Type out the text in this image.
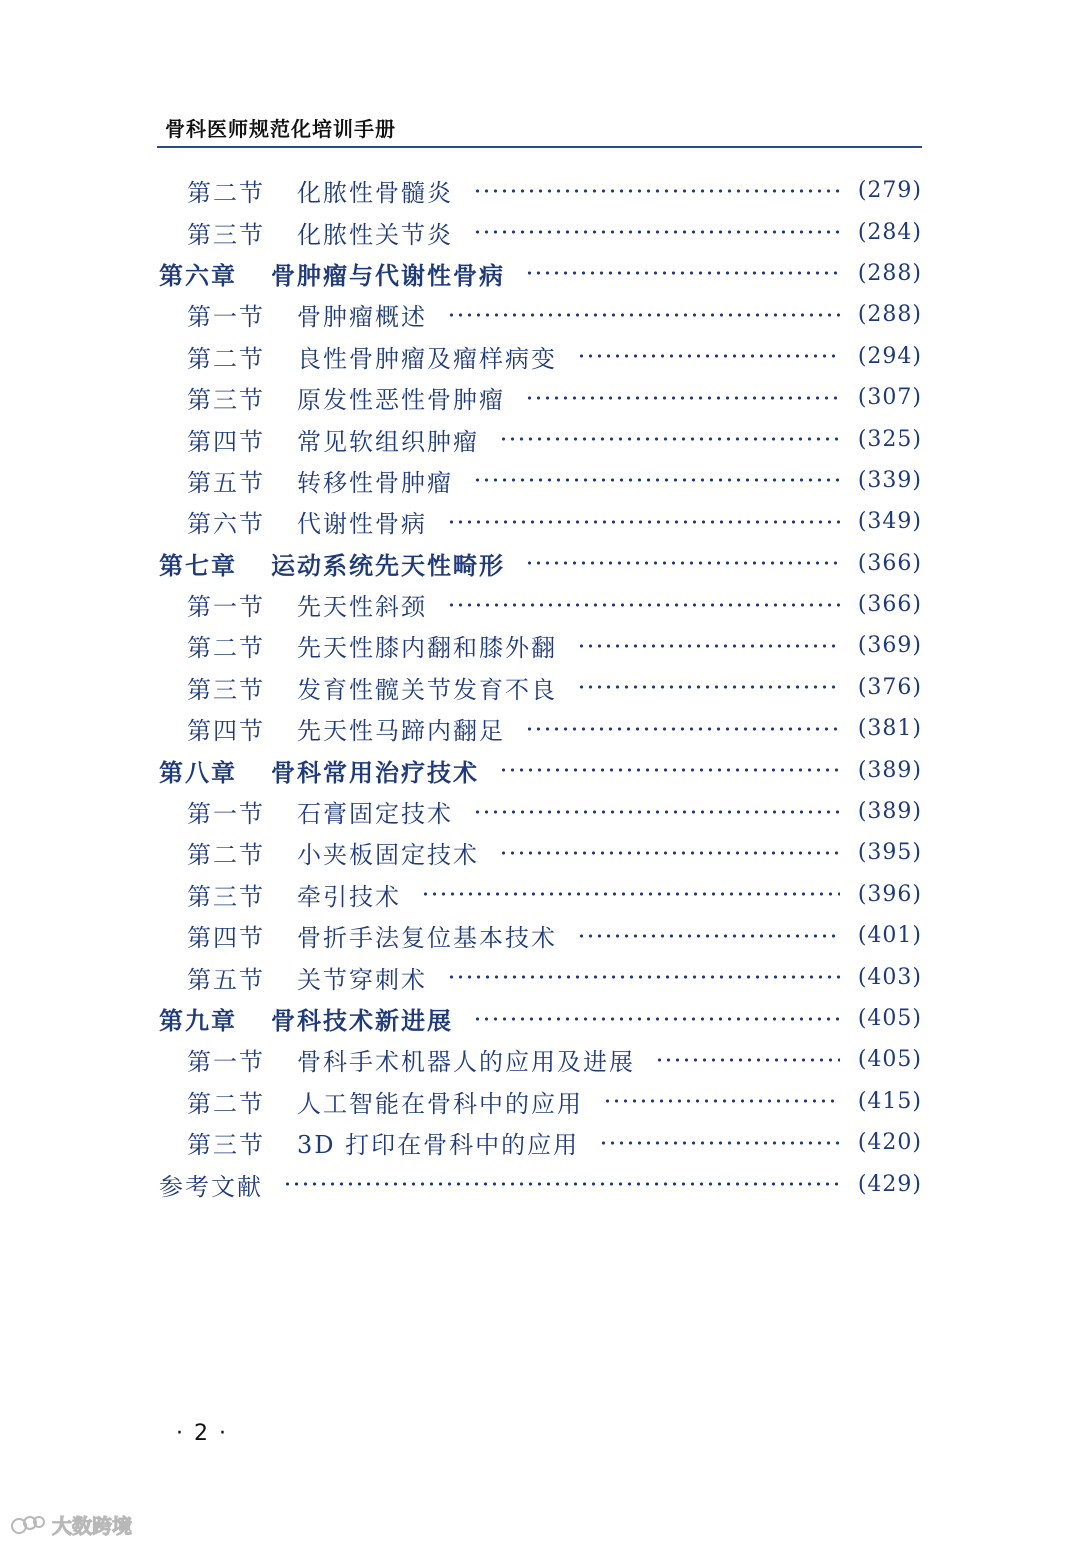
骨科医师规范化培训手册
第二节	化脓性骨髓炎	(279)
第三节	化脓性关节炎	(284)
第六章	骨肿瘤与代谢性骨病	(288)
第一节	骨肿瘤概述	(288)
第二节	良性骨肿瘤及瘤样病变	(294)
第三节	原发性恶性骨肿瘤	(307)
第四节	常见软组织肿瘤	(325)
第五节	转移性骨肿瘤	(339)
第六节	代谢性骨病	(349)
第七章	运动系统先天性畸形	(366)
第一节	先天性斜颈	(366)
第二节	先天性膝内翻和膝外翻	(369)
第三节	发育性髋关节发育不良	(376)
第四节	先天性马蹄内翻足	(381)
第八章	骨科常用治疗技术	(389)
第一节	石膏固定技术	(389)
第二节	小夹板固定技术	(395)
第三节	牵引技术	(396)
第四节	骨折手法复位基本技术	(401)
第五节	关节穿刺术	(403)
第九章	骨科技术新进展	(405)
第一节	骨科手术机器人的应用及进展	(405)
第二节	人工智能在骨科中的应用	(415)
第三节	3D 打印在骨科中的应用	(420)
参考文献	(429)
· 2 ·
大数跨境
